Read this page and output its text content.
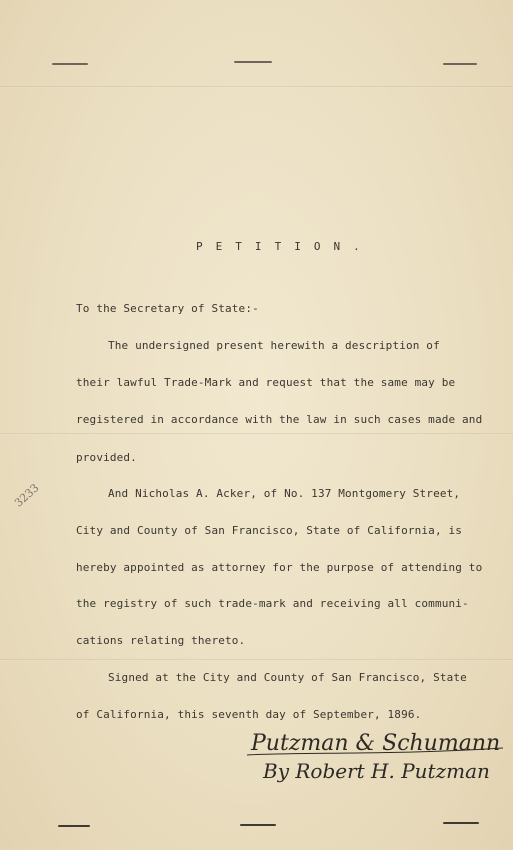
P E T I T I O N .
To the Secretary of State:-
The undersigned present herewith a description of
their lawful Trade-Mark and request that the same may be
registered in accordance with the law in such cases made and
provided.
And Nicholas A. Acker, of No. 137 Montgomery Street,
City and County of San Francisco, State of California, is
hereby appointed as attorney for the purpose of attending to
the registry of such trade-mark and receiving all communi-
cations relating thereto.
Signed at the City and County of San Francisco, State
of California, this seventh day of September, 1896.
3233
Putzman & Schumann
By Robert H. Putzman
